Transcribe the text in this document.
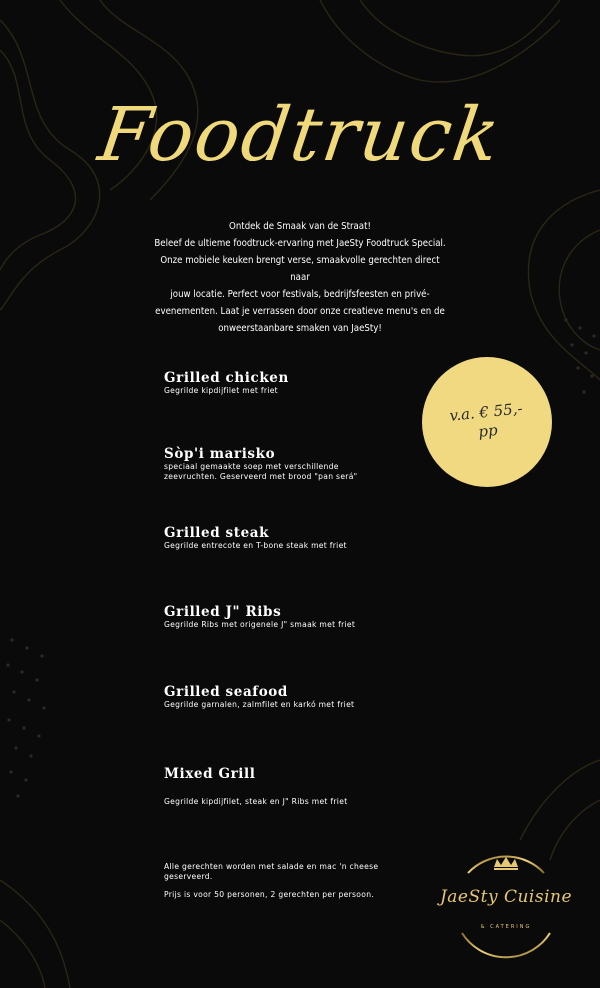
Foodtruck
Ontdek de Smaak van de Straat!
Beleef de ultieme foodtruck-ervaring met JaeSty Foodtruck Special.
Onze mobiele keuken brengt verse, smaakvolle gerechten direct naar
jouw locatie. Perfect voor festivals, bedrijfsfeesten en privé-
evenementen. Laat je verrassen door onze creatieve menu's en de
onweerstaanbare smaken van JaeSty!
Grilled chicken
Gegrilde kipdijfilet met friet
Sòp'i marisko
speciaal gemaakte soep met verschillende
zeevruchten. Geserveerd met brood "pan será"
Grilled steak
Gegrilde entrecote en T-bone steak met friet
Grilled J" Ribs
Gegrilde Ribs met origenele J" smaak met friet
Grilled seafood
Gegrilde garnalen, zalmfilet en karkó met friet
Mixed Grill
Gegrilde kipdijfilet, steak en J" Ribs met friet
v.a. € 55,-
pp
Alle gerechten worden met salade en mac 'n cheese
geserveerd.
Prijs is voor 50 personen, 2 gerechten per persoon.	JaeSty Cuisine
& CATERING
